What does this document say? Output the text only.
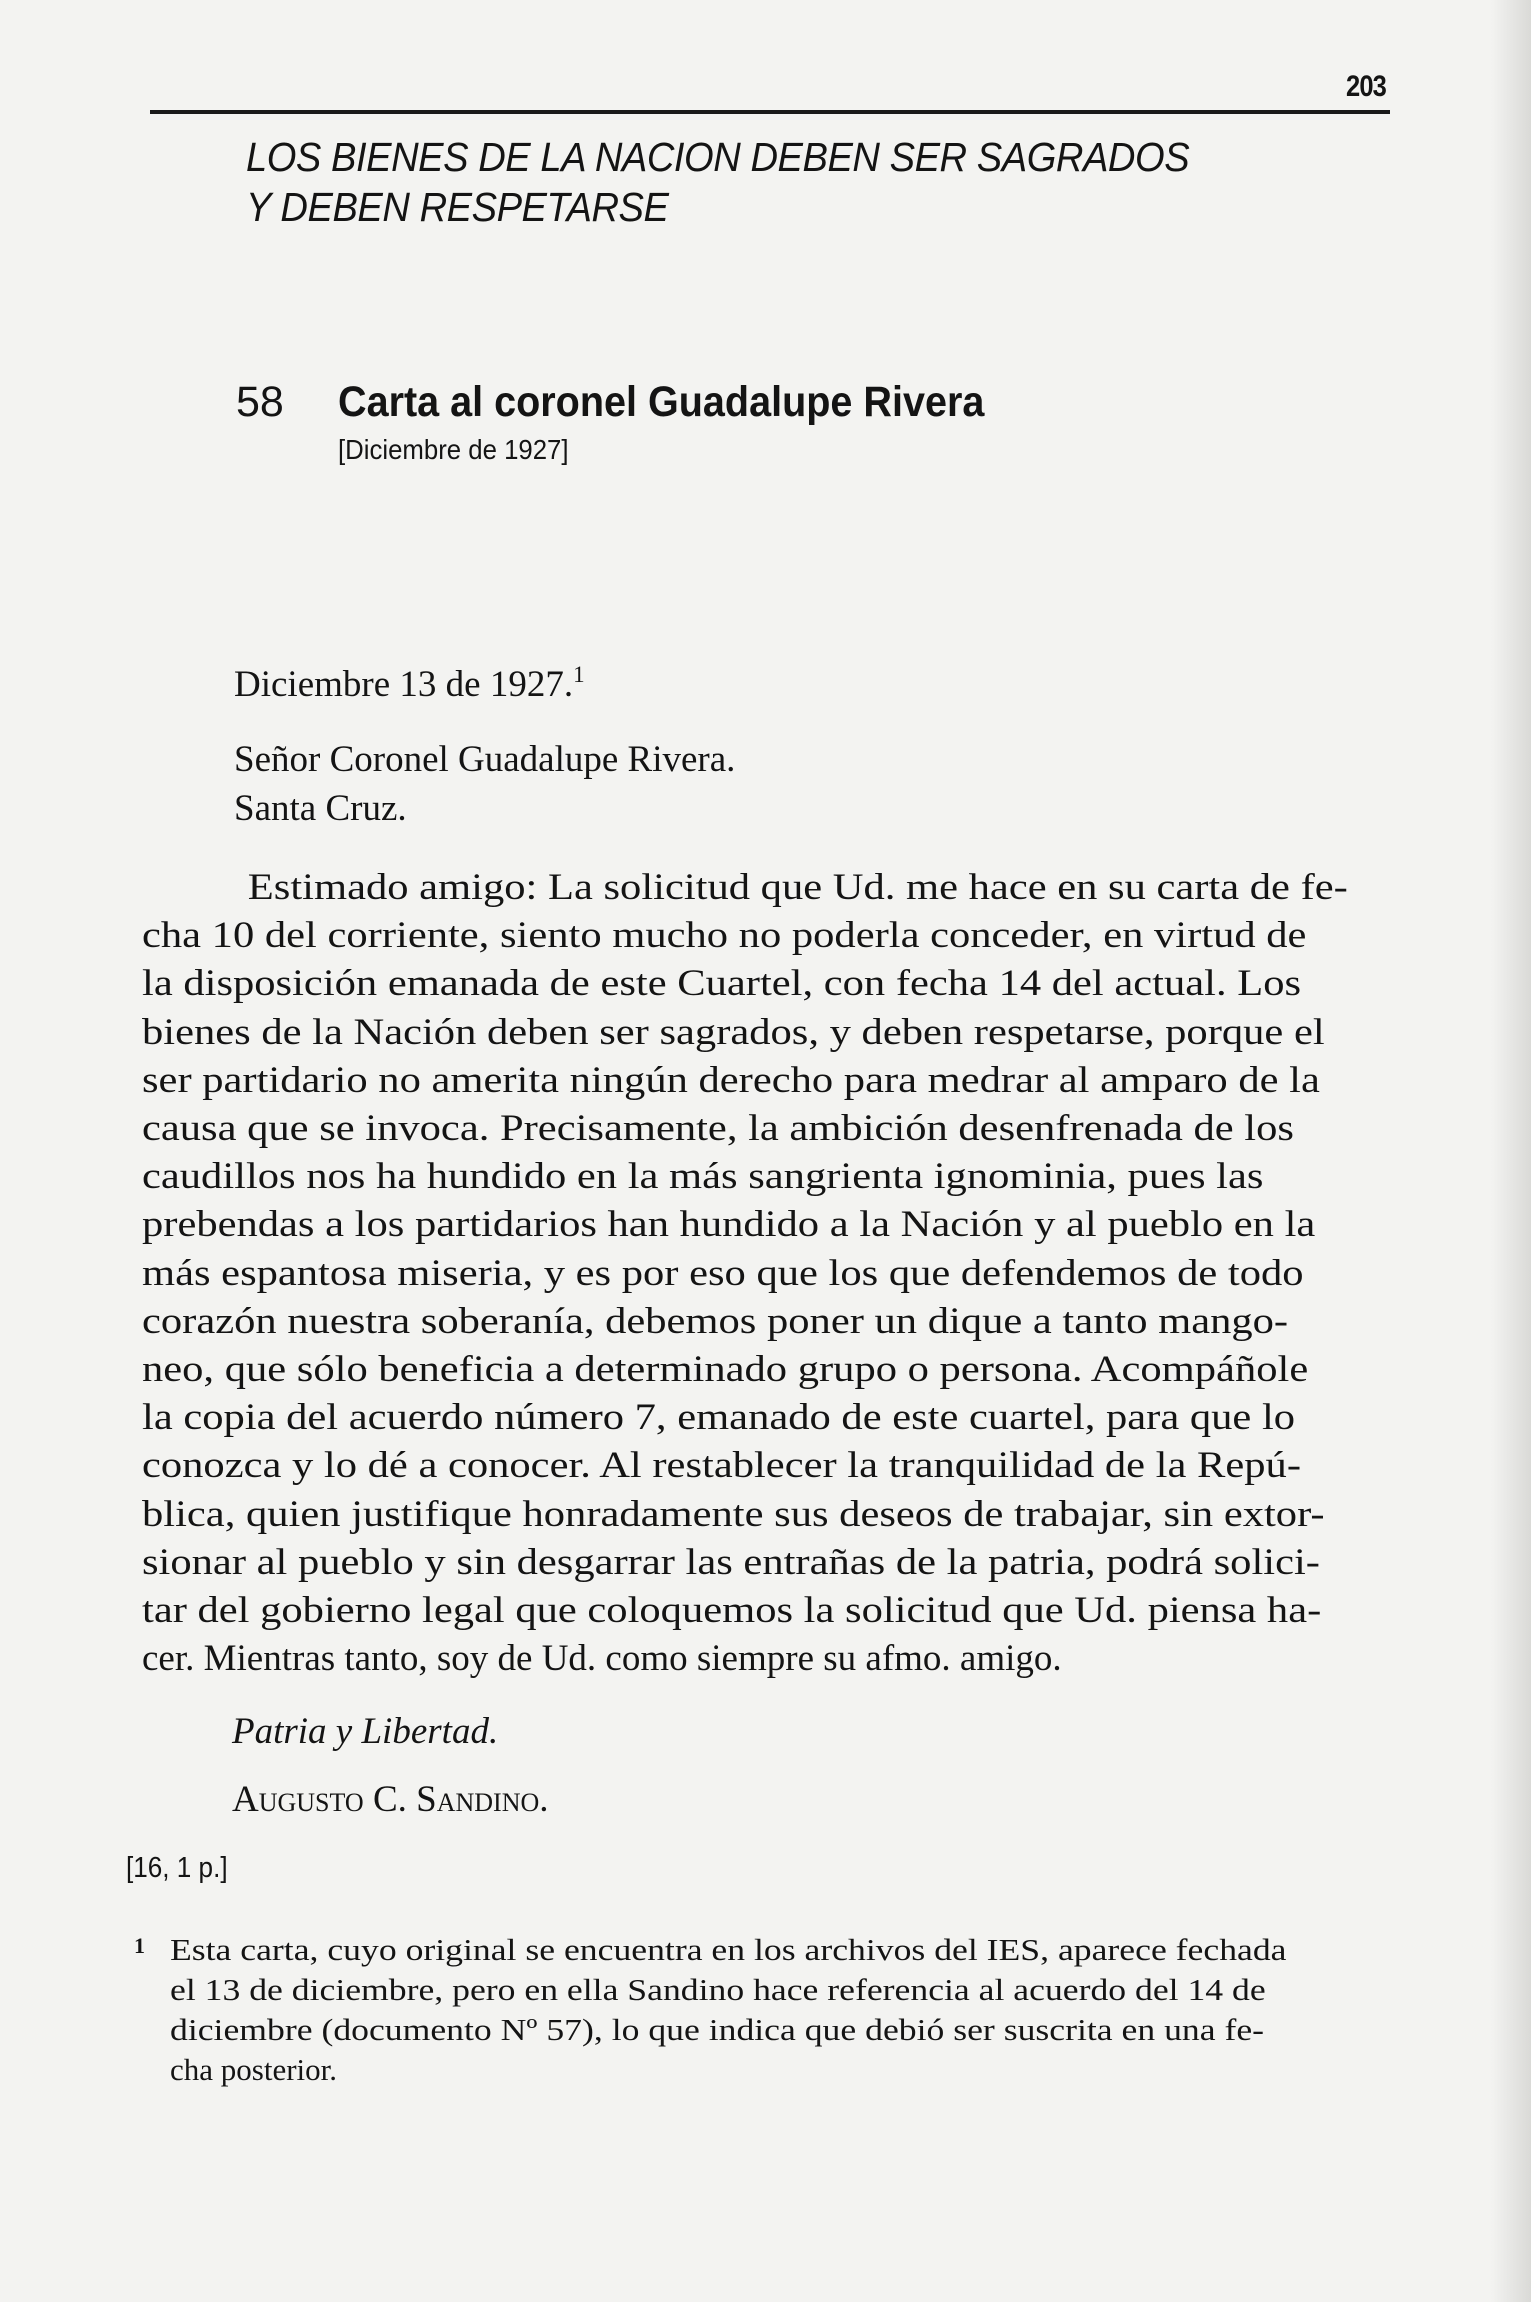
203
LOS BIENES DE LA NACION DEBEN SER SAGRADOS
Y DEBEN RESPETARSE
58 Carta al coronel Guadalupe Rivera
[Diciembre de 1927]
Diciembre 13 de 1927.$^1$
Señor Coronel Guadalupe Rivera.
Santa Cruz.
Estimado amigo: La solicitud que Ud. me hace en su carta de fe-
cha 10 del corriente, siento mucho no poderla conceder, en virtud de
la disposición emanada de este Cuartel, con fecha 14 del actual. Los
bienes de la Nación deben ser sagrados, y deben respetarse, porque el
ser partidario no amerita ningún derecho para medrar al amparo de la
causa que se invoca. Precisamente, la ambición desenfrenada de los
caudillos nos ha hundido en la más sangrienta ignominia, pues las
prebendas a los partidarios han hundido a la Nación y al pueblo en la
más espantosa miseria, y es por eso que los que defendemos de todo
corazón nuestra soberanía, debemos poner un dique a tanto mango-
neo, que sólo beneficia a determinado grupo o persona. Acompáñole
la copia del acuerdo número 7, emanado de este cuartel, para que lo
conozca y lo dé a conocer. Al restablecer la tranquilidad de la Repú-
blica, quien justifique honradamente sus deseos de trabajar, sin extor-
sionar al pueblo y sin desgarrar las entrañas de la patria, podrá solici-
tar del gobierno legal que coloquemos la solicitud que Ud. piensa ha-
cer. Mientras tanto, soy de Ud. como siempre su afmo. amigo.
Patria y Libertad.
Augusto C. Sandino.
[16, 1 p.]
1 Esta carta, cuyo original se encuentra en los archivos del IES, aparece fechada
el 13 de diciembre, pero en ella Sandino hace referencia al acuerdo del 14 de
diciembre (documento Nº 57), lo que indica que debió ser suscrita en una fe-
cha posterior.
